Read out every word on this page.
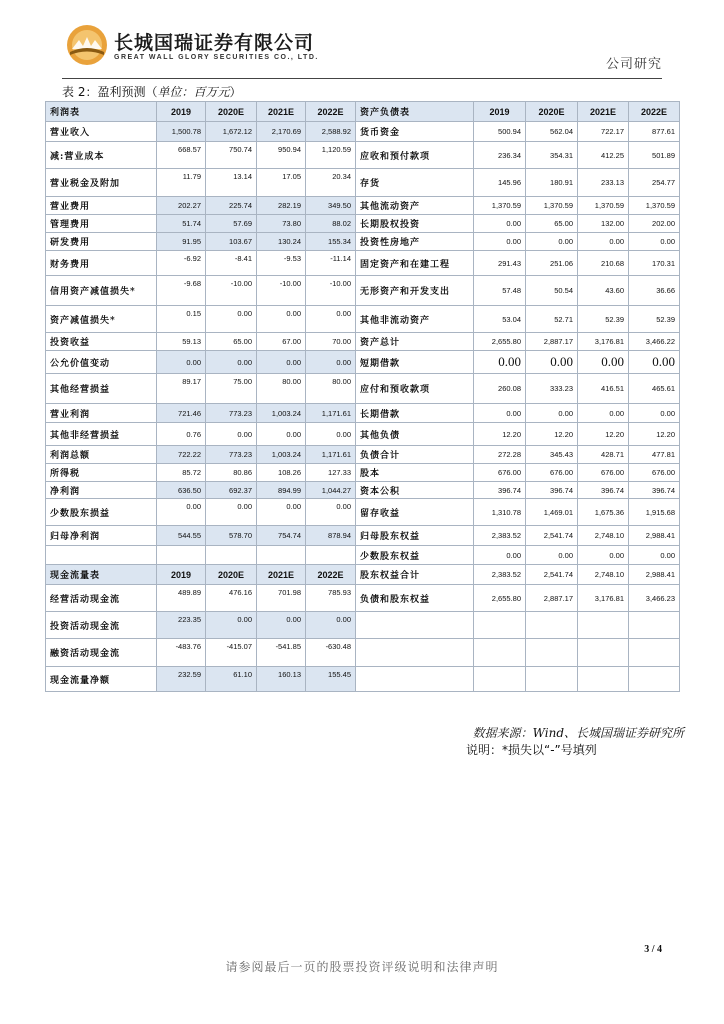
长城国瑞证券有限公司
GREAT WALL GLORY SECURITIES CO., LTD.	公司研究
表 2：盈利预测（单位：百万元）
利润表	2019	2020E	2021E	2022E	资产负债表	2019	2020E	2021E	2022E
营业收入	1,500.78	1,672.12	2,170.69	2,588.92	货币资金	500.94	562.04	722.17	877.61
减:营业成本	668.57	750.74	950.94	1,120.59	应收和预付款项	236.34	354.31	412.25	501.89
营业税金及附加	11.79	13.14	17.05	20.34	存货	145.96	180.91	233.13	254.77
营业费用	202.27	225.74	282.19	349.50	其他流动资产	1,370.59	1,370.59	1,370.59	1,370.59
管理费用	51.74	57.69	73.80	88.02	长期股权投资	0.00	65.00	132.00	202.00
研发费用	91.95	103.67	130.24	155.34	投资性房地产	0.00	0.00	0.00	0.00
财务费用	-6.92	-8.41	-9.53	-11.14	固定资产和在建工程	291.43	251.06	210.68	170.31
信用资产减值损失*	-9.68	-10.00	-10.00	-10.00	无形资产和开发支出	57.48	50.54	43.60	36.66
资产减值损失*	0.15	0.00	0.00	0.00	其他非流动资产	53.04	52.71	52.39	52.39
投资收益	59.13	65.00	67.00	70.00	资产总计	2,655.80	2,887.17	3,176.81	3,466.22
公允价值变动	0.00	0.00	0.00	0.00	短期借款	0.00	0.00	0.00	0.00
其他经营损益	89.17	75.00	80.00	80.00	应付和预收款项	260.08	333.23	416.51	465.61
营业利润	721.46	773.23	1,003.24	1,171.61	长期借款	0.00	0.00	0.00	0.00
其他非经营损益	0.76	0.00	0.00	0.00	其他负债	12.20	12.20	12.20	12.20
利润总额	722.22	773.23	1,003.24	1,171.61	负债合计	272.28	345.43	428.71	477.81
所得税	85.72	80.86	108.26	127.33	股本	676.00	676.00	676.00	676.00
净利润	636.50	692.37	894.99	1,044.27	资本公积	396.74	396.74	396.74	396.74
少数股东损益	0.00	0.00	0.00	0.00	留存收益	1,310.78	1,469.01	1,675.36	1,915.68
归母净利润	544.55	578.70	754.74	878.94	归母股东权益	2,383.52	2,541.74	2,748.10	2,988.41
					少数股东权益	0.00	0.00	0.00	0.00
现金流量表	2019	2020E	2021E	2022E	股东权益合计	2,383.52	2,541.74	2,748.10	2,988.41
经营活动现金流	489.89	476.16	701.98	785.93	负债和股东权益	2,655.80	2,887.17	3,176.81	3,466.23
投资活动现金流	223.35	0.00	0.00	0.00					
融资活动现金流	-483.76	-415.07	-541.85	-630.48					
现金流量净额	232.59	61.10	160.13	155.45					
数据来源：Wind、长城国瑞证券研究所
说明：*损失以“-”号填列
3 / 4
请参阅最后一页的股票投资评级说明和法律声明
